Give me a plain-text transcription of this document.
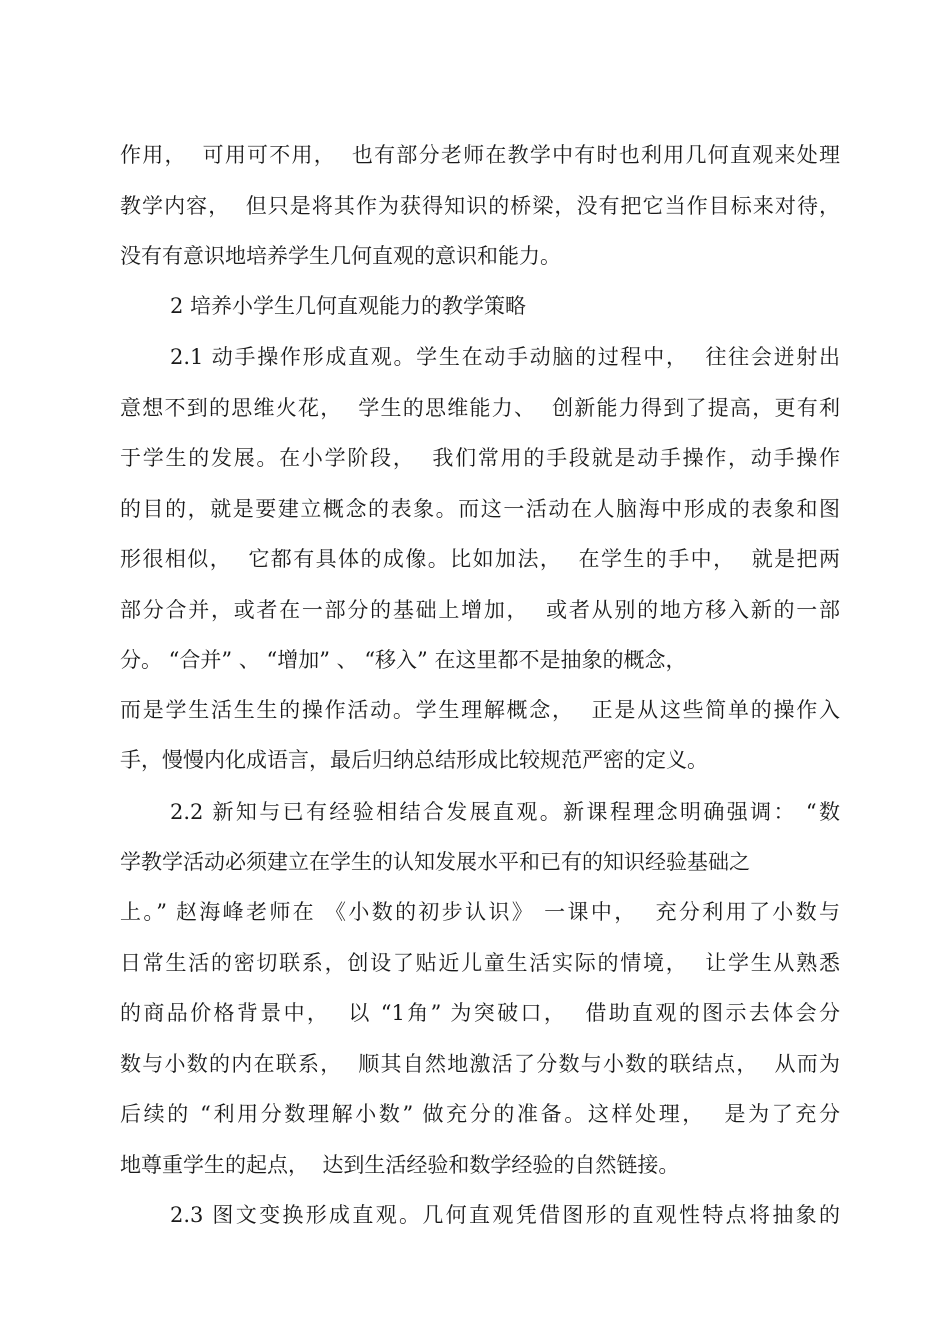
作用，  可用可不用，  也有部分老师在教学中有时也利用几何直观来处理
教学内容，  但只是将其作为获得知识的桥梁，没有把它当作目标来对待，
没有有意识地培养学生几何直观的意识和能力。
2 培养小学生几何直观能力的教学策略
2.1 动手操作形成直观。学生在动手动脑的过程中，  往往会迸射出
意想不到的思维火花，  学生的思维能力、  创新能力得到了提高，更有利
于学生的发展。在小学阶段，  我们常用的手段就是动手操作，动手操作
的目的，就是要建立概念的表象。而这一活动在人脑海中形成的表象和图
形很相似，  它都有具体的成像。比如加法，  在学生的手中，  就是把两
部分合并，或者在一部分的基础上增加，  或者从别的地方移入新的一部
分。 “合并” 、 “增加” 、 “移入” 在这里都不是抽象的概念，
而是学生活生生的操作活动。学生理解概念，  正是从这些简单的操作入
手，慢慢内化成语言，最后归纳总结形成比较规范严密的定义。
2.2 新知与已有经验相结合发展直观。新课程理念明确强调： “数
学教学活动必须建立在学生的认知发展水平和已有的知识经验基础之
上。” 赵海峰老师在 《小数的初步认识》 一课中，  充分利用了小数与
日常生活的密切联系，创设了贴近儿童生活实际的情境，  让学生从熟悉
的商品价格背景中，  以 “1角” 为突破口，  借助直观的图示去体会分
数与小数的内在联系，  顺其自然地激活了分数与小数的联结点，  从而为
后续的 “利用分数理解小数” 做充分的准备。这样处理，  是为了充分
地尊重学生的起点，  达到生活经验和数学经验的自然链接。
2.3 图文变换形成直观。几何直观凭借图形的直观性特点将抽象的
